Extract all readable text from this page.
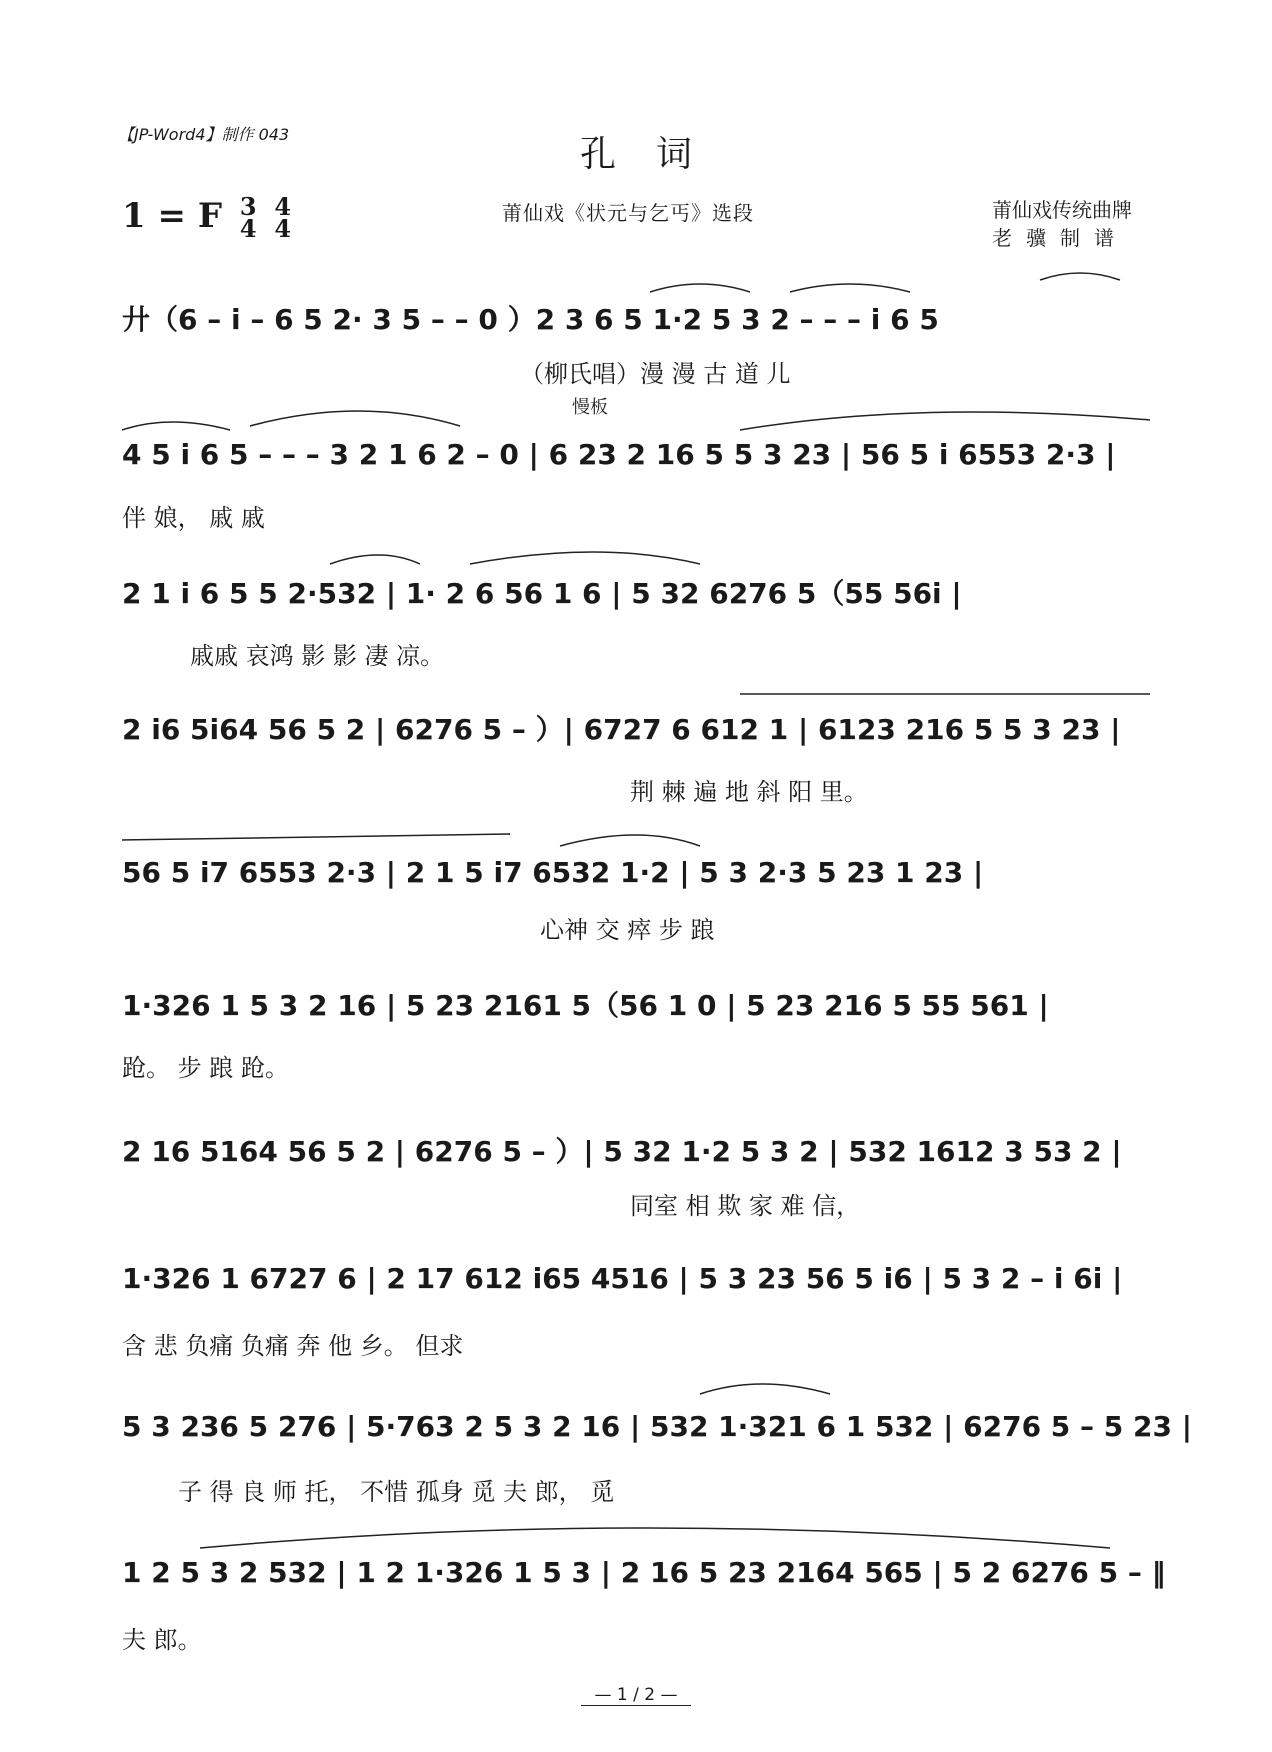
【JP-Word4】制作 043	孔词
1 = F 3
4

4
4
莆仙戏《状元与乞丐》选段	莆仙戏传统曲牌
老骥制谱
慢板
廾（6 – i – 6 5 2· 3 5 – – 0 ）2 3 6 5 1·2 5 3 2 – – – i 6 5
（柳氏唱）漫 漫 古 道 儿
4 5 i 6 5 – – – 3 2 1 6 2 – 0 | 6 23 2 16 5 5 3 23 | 56 5 i 6553 2·3 |
伴 娘， 戚 戚
2 1 i 6 5 5 2·532 | 1· 2 6 56 1 6 | 5 32 6276 5（55 56i |
戚戚 哀鸿 影 影 凄 凉。
2 i6 5i64 56 5 2 | 6276 5 – ）| 6727 6 612 1 | 6123 216 5 5 3 23 |
荆 棘 遍 地 斜 阳 里。
56 5 i7 6553 2·3 | 2 1 5 i7 6532 1·2 | 5 3 2·3 5 23 1 23 |
心神 交 瘁 步 踉
1·326 1 5 3 2 16 | 5 23 2161 5（56 1 0 | 5 23 216 5 55 561 |
跄。 步 踉 跄。
2 16 5164 56 5 2 | 6276 5 – ）| 5 32 1·2 5 3 2 | 532 1612 3 53 2 |
同室 相 欺 家 难 信，
1·326 1 6727 6 | 2 17 612 i65 4516 | 5 3 23 56 5 i6 | 5 3 2 – i 6i |
含 悲 负痛 负痛 奔 他 乡。 但求
5 3 236 5 276 | 5·763 2 5 3 2 16 | 532 1·321 6 1 532 | 6276 5 – 5 23 |
子 得 良 师 托， 不惜 孤身 觅 夫 郎， 觅
1 2 5 3 2 532 | 1 2 1·326 1 5 3 | 2 16 5 23 2164 565 | 5 2 6276 5 – ‖
夫 郎。
— 1 / 2 —
